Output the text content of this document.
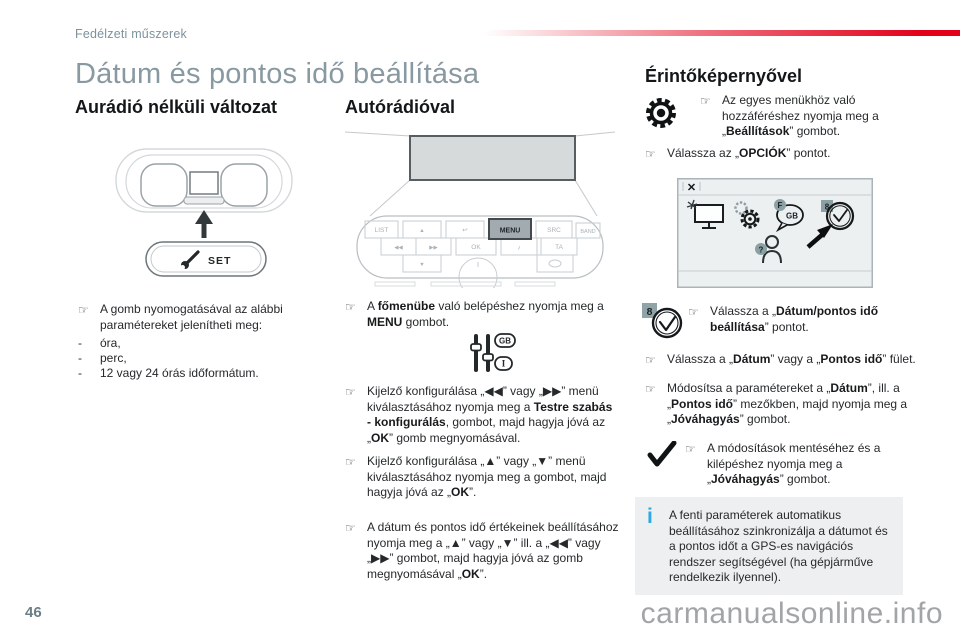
Fedélzeti műszerek
Dátum és pontos idő beállítása
Aurádió nélküli változat
SET
☞ A gomb nyomogatásával az alábbi paramétereket jelenítheti meg:
-	óra,
-	perc,
-	12 vagy 24 órás időformátum.
Autórádióval
LIST	▲	↩	MENU	SRC	BAND
◀◀	▶▶	OK	♪	TA
▼
☞ A főmenübe való belépéshez nyomja meg a MENU gombot.
GB
I
☞ Kijelző konfigurálása „◀◀” vagy „▶▶” menü kiválasztásához nyomja meg a Testre szabás - konfigurálás, gombot, majd hagyja jóvá az „OK” gomb megnyomásával.
☞ Kijelző konfigurálása „▲” vagy „▼” menü kiválasztásához nyomja meg a gombot, majd hagyja jóvá az „OK”.
☞ A dátum és pontos idő értékeinek beállításához nyomja meg a „▲” vagy „▼” ill. a „◀◀” vagy „▶▶” gombot, majd hagyja jóvá az gomb megnyomásával „OK”.
Érintőképernyővel
☞ Az egyes menükhöz való hozzáféréshez nyomja meg a „Beállítások” gombot.
☞ Válassza az „OPCIÓK” pontot.
✕
F
GB
8
?
8	☞ Válassza a „Dátum/pontos idő beállítása” pontot.
☞ Válassza a „Dátum” vagy a „Pontos idő” fület.
☞ Módosítsa a paramétereket a „Dátum”, ill. a „Pontos idő” mezőkben, majd nyomja meg a „Jóváhagyás” gombot.
☞ A módosítások mentéséhez és a kilépéshez nyomja meg a „Jóváhagyás” gombot.
i	A fenti paraméterek automatikus beállításához szinkronizálja a dátumot és a pontos időt a GPS-es navigációs rendszer segítségével (ha gépjárműve rendelkezik ilyennel).
46	carmanualsonline.info
